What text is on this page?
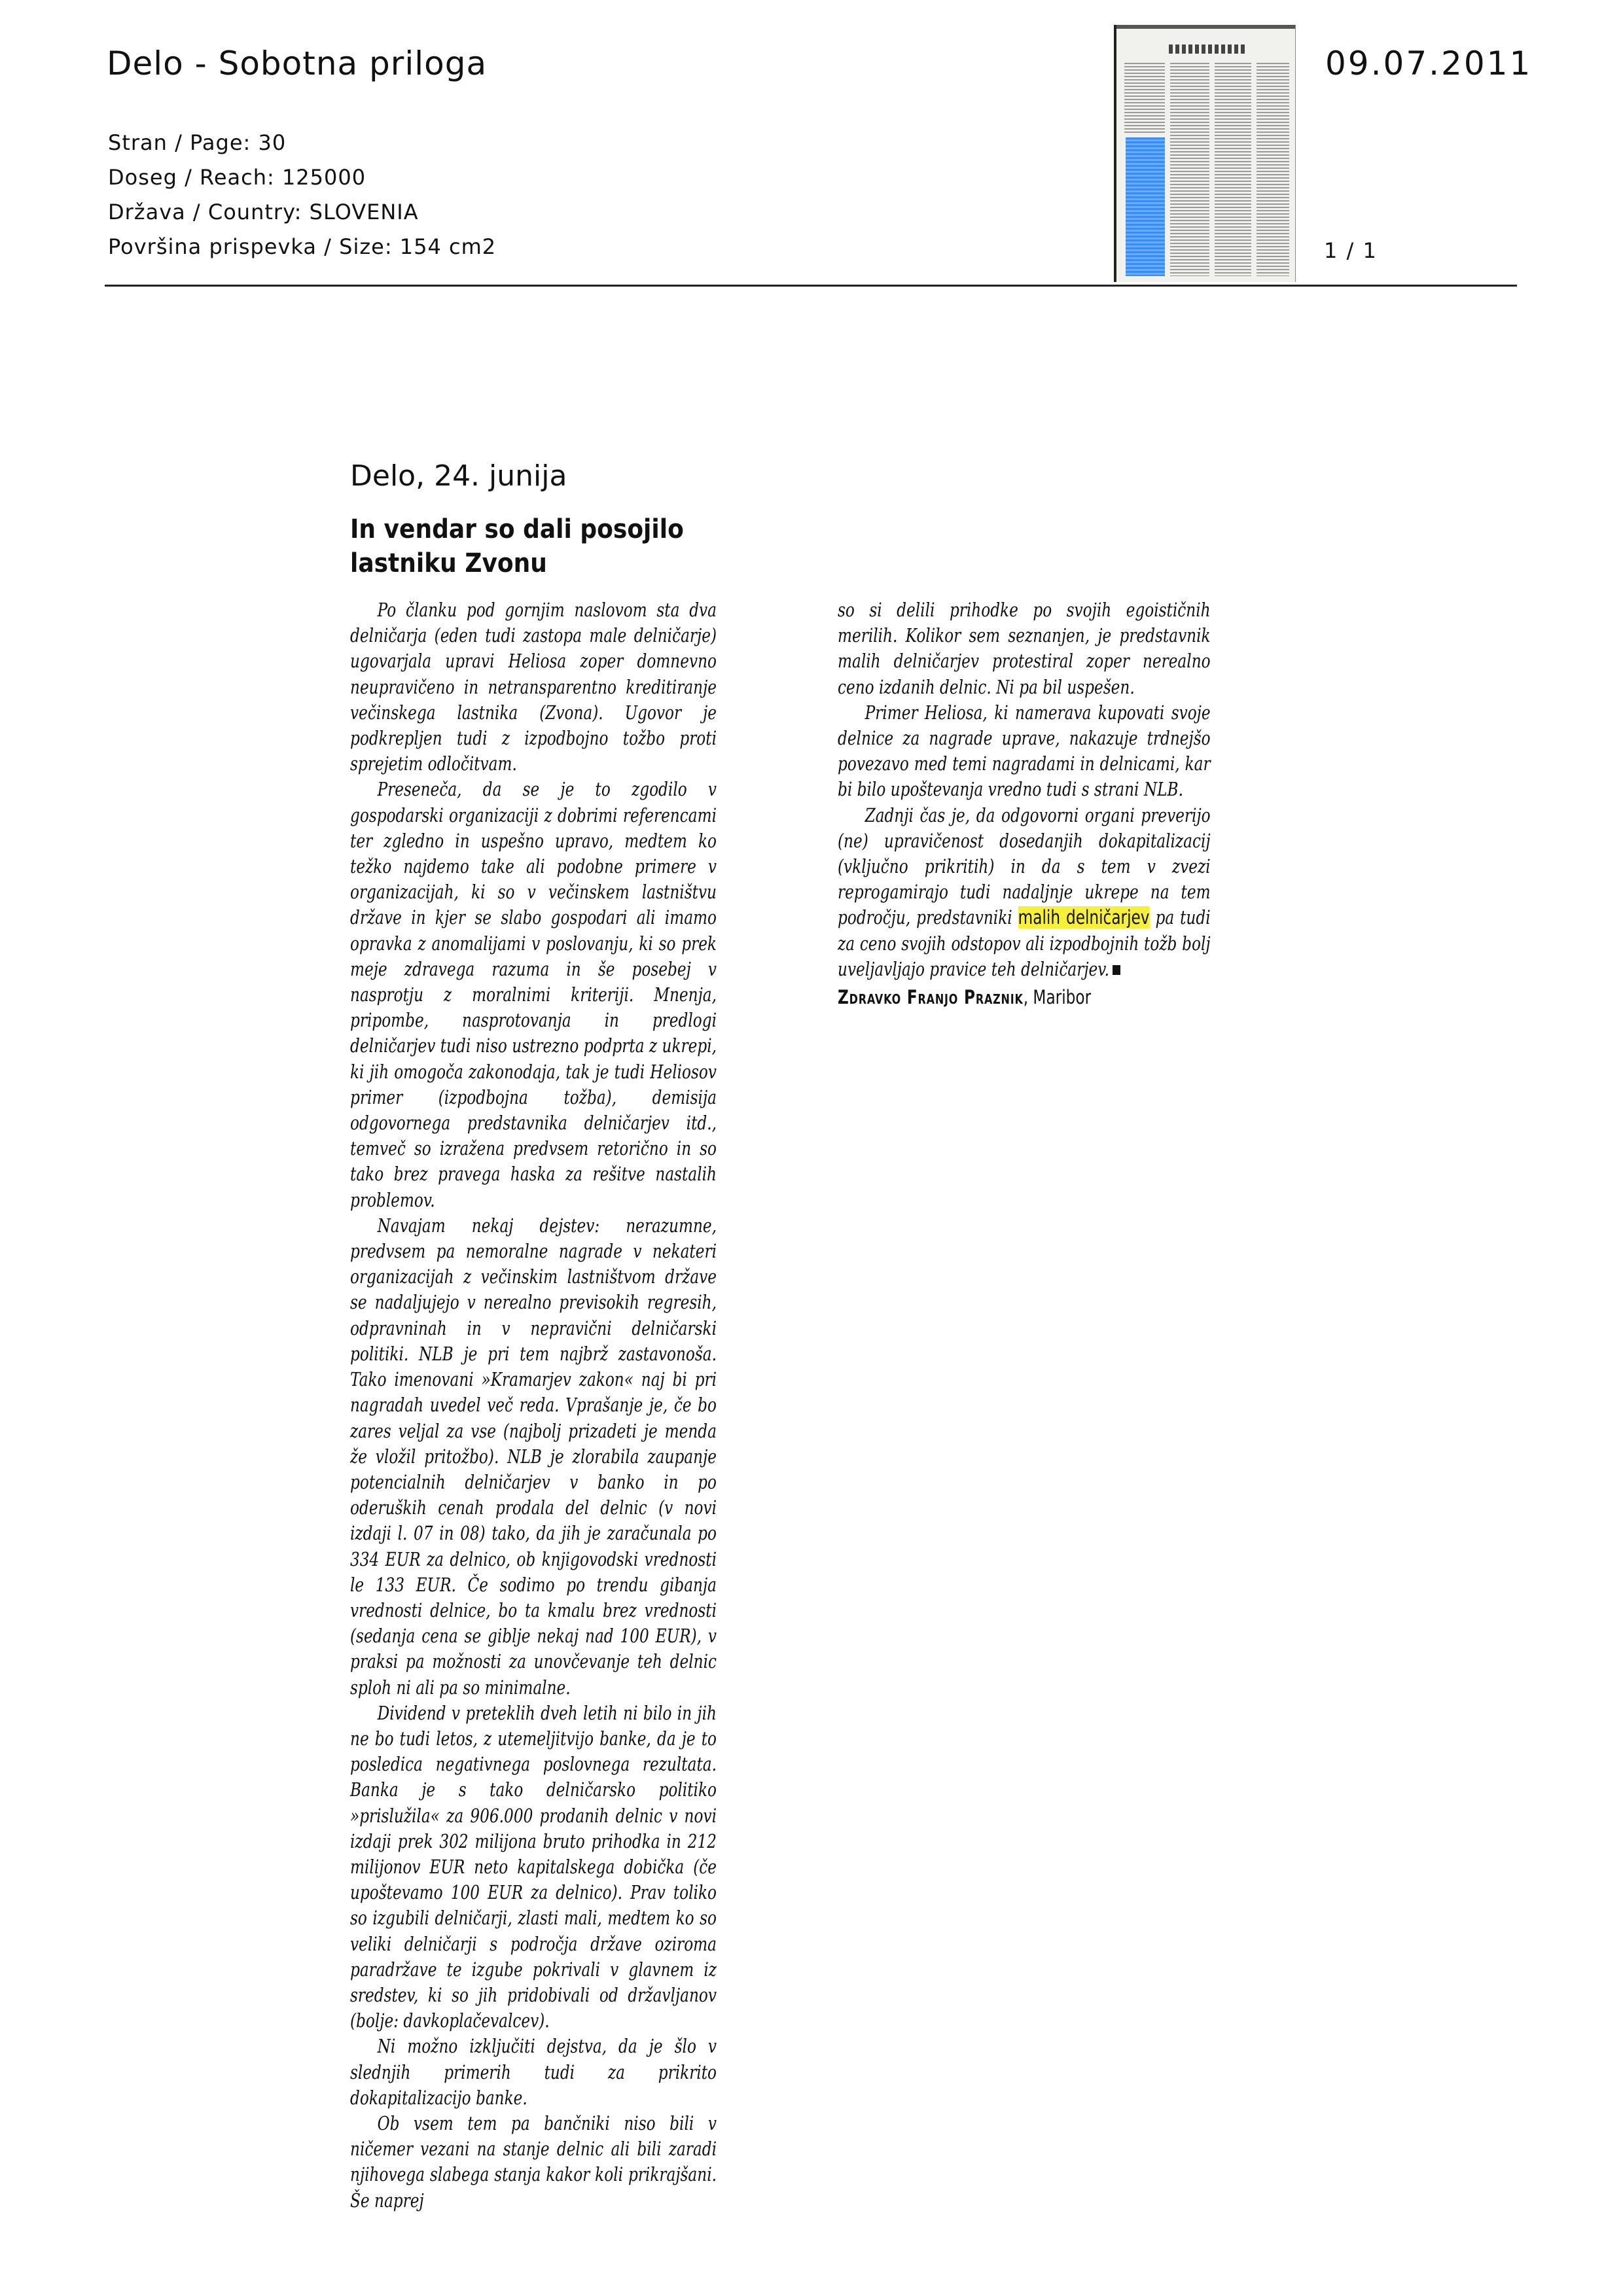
Delo - Sobotna priloga	09.07.2011
Stran / Page: 30
Doseg / Reach: 125000
Država / Country: SLOVENIA
Površina prispevka / Size: 154 cm2	1 / 1
Delo, 24. junija
In vendar so dali posojilo
lastniku Zvonu

Po članku pod gornjim naslovom sta dva delničarja (eden tudi zastopa male delničarje) ugovarjala upravi Heliosa zoper domnevno neupravičeno in netransparentno kreditiranje večinskega lastnika (Zvona). Ugovor je podkrepljen tudi z izpodbojno tožbo proti sprejetim odločitvam.

Preseneča, da se je to zgodilo v gospodarski organizaciji z dobrimi referencami ter zgledno in uspešno upravo, medtem ko težko najdemo take ali podobne primere v organizacijah, ki so v večinskem lastništvu države in kjer se slabo gospodari ali imamo opravka z anomalijami v poslovanju, ki so prek meje zdravega razuma in še posebej v nasprotju z moralnimi kriteriji. Mnenja, pripombe, nasprotovanja in predlogi delničarjev tudi niso ustrezno podprta z ukrepi, ki jih omogoča zakonodaja, tak je tudi Heliosov primer (izpodbojna tožba), demisija odgovornega predstavnika delničarjev itd., temveč so izražena predvsem retorično in so tako brez pravega haska za rešitve nastalih problemov.

Navajam nekaj dejstev: nerazumne, predvsem pa nemoralne nagrade v nekateri organizacijah z večinskim lastništvom države se nadaljujejo v nerealno previsokih regresih, odpravninah in v nepravični delničarski politiki. NLB je pri tem najbrž zastavonoša. Tako imenovani »Kramarjev zakon« naj bi pri nagradah uvedel več reda. Vprašanje je, če bo zares veljal za vse (najbolj prizadeti je menda že vložil pritožbo). NLB je zlorabila zaupanje potencialnih delničarjev v banko in po oderuških cenah prodala del delnic (v novi izdaji l. 07 in 08) tako, da jih je zaračunala po 334 EUR za delnico, ob knjigovodski vrednosti le 133 EUR. Če sodimo po trendu gibanja vrednosti delnice, bo ta kmalu brez vrednosti (sedanja cena se giblje nekaj nad 100 EUR), v praksi pa možnosti za unovčevanje teh delnic sploh ni ali pa so minimalne.

Dividend v preteklih dveh letih ni bilo in jih ne bo tudi letos, z utemeljitvijo banke, da je to posledica negativnega poslovnega rezultata. Banka je s tako delničarsko politiko »prislužila« za 906.000 prodanih delnic v novi izdaji prek 302 milijona bruto prihodka in 212 milijonov EUR neto kapitalskega dobička (če upoštevamo 100 EUR za delnico). Prav toliko so izgubili delničarji, zlasti mali, medtem ko so veliki delničarji s področja države oziroma paradržave te izgube pokrivali v glavnem iz sredstev, ki so jih pridobivali od državljanov (bolje: davkoplačevalcev).

Ni možno izključiti dejstva, da je šlo v slednjih primerih tudi za prikrito dokapitalizacijo banke.

Ob vsem tem pa bančniki niso bili v ničemer vezani na stanje delnic ali bili zaradi njihovega slabega stanja kakor koli prikrajšani. Še naprej

so si delili prihodke po svojih egoističnih merilih. Kolikor sem seznanjen, je predstavnik malih delničarjev protestiral zoper nerealno ceno izdanih delnic. Ni pa bil uspešen.

Primer Heliosa, ki namerava kupovati svoje delnice za nagrade uprave, nakazuje trdnejšo povezavo med temi nagradami in delnicami, kar bi bilo upoštevanja vredno tudi s strani NLB.

Zadnji čas je, da odgovorni organi preverijo (ne) upravičenost dosedanjih dokapitalizacij (vključno prikritih) in da s tem v zvezi reprogamirajo tudi nadaljnje ukrepe na tem področju, predstavniki malih delničarjev pa tudi za ceno svojih odstopov ali izpodbojnih tožb bolj uveljavljajo pravice teh delničarjev.

Zdravko Franjo Praznik, Maribor
